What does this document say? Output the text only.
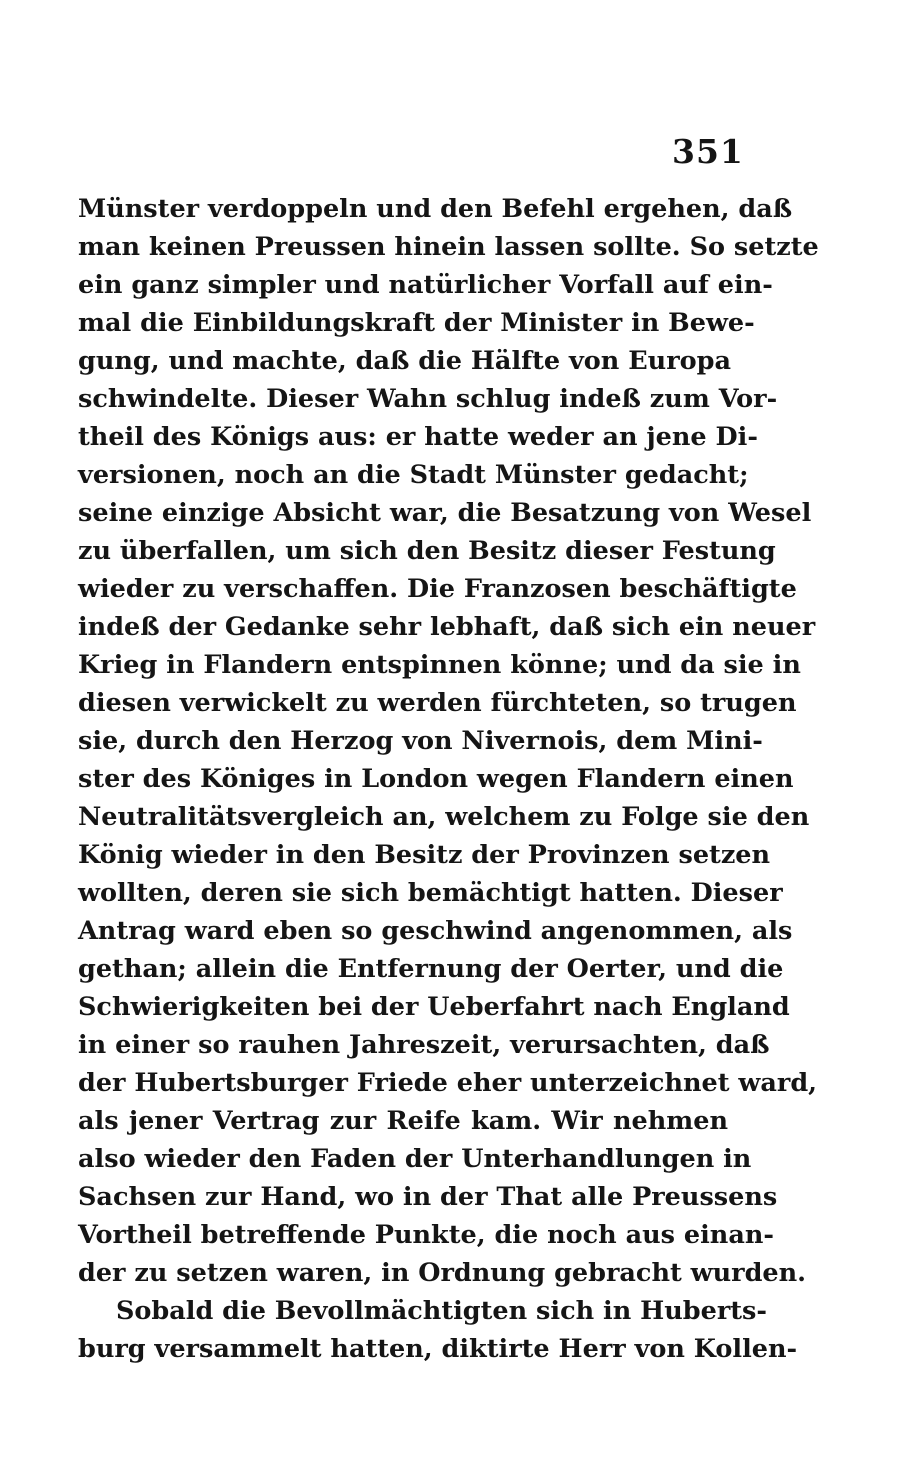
351
Münster verdoppeln und den Befehl ergehen, daß
man keinen Preussen hinein lassen sollte. So setzte
ein ganz simpler und natürlicher Vorfall auf ein-
mal die Einbildungskraft der Minister in Bewe-
gung, und machte, daß die Hälfte von Europa
schwindelte. Dieser Wahn schlug indeß zum Vor-
theil des Königs aus: er hatte weder an jene Di-
versionen, noch an die Stadt Münster gedacht;
seine einzige Absicht war, die Besatzung von Wesel
zu überfallen, um sich den Besitz dieser Festung
wieder zu verschaffen. Die Franzosen beschäftigte
indeß der Gedanke sehr lebhaft, daß sich ein neuer
Krieg in Flandern entspinnen könne; und da sie in
diesen verwickelt zu werden fürchteten, so trugen
sie, durch den Herzog von Nivernois, dem Mini-
ster des Königes in London wegen Flandern einen
Neutralitätsvergleich an, welchem zu Folge sie den
König wieder in den Besitz der Provinzen setzen
wollten, deren sie sich bemächtigt hatten. Dieser
Antrag ward eben so geschwind angenommen, als
gethan; allein die Entfernung der Oerter, und die
Schwierigkeiten bei der Ueberfahrt nach England
in einer so rauhen Jahreszeit, verursachten, daß
der Hubertsburger Friede eher unterzeichnet ward,
als jener Vertrag zur Reife kam. Wir nehmen
also wieder den Faden der Unterhandlungen in
Sachsen zur Hand, wo in der That alle Preussens
Vortheil betreffende Punkte, die noch aus einan-
der zu setzen waren, in Ordnung gebracht wurden.
Sobald die Bevollmächtigten sich in Huberts-
burg versammelt hatten, diktirte Herr von Kollen-
